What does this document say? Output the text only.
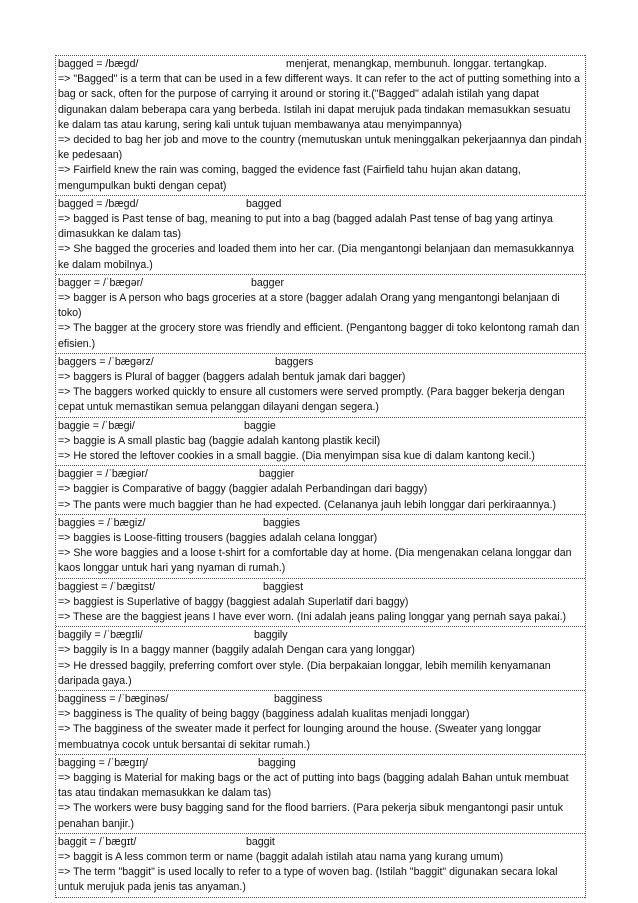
bagged = /bægd/	menjerat, menangkap, membunuh. longgar. tertangkap.
=> "Bagged" is a term that can be used in a few different ways. It can refer to the act of putting something into a bag or sack, often for the purpose of carrying it around or storing it.("Bagged" adalah istilah yang dapat digunakan dalam beberapa cara yang berbeda. Istilah ini dapat merujuk pada tindakan memasukkan sesuatu ke dalam tas atau karung, sering kali untuk tujuan membawanya atau menyimpannya)
=> decided to bag her job and move to the country (memutuskan untuk meninggalkan pekerjaannya dan pindah ke pedesaan)
=> Fairfield knew the rain was coming, bagged the evidence fast (Fairfield tahu hujan akan datang, mengumpulkan bukti dengan cepat)
bagged = /bægd/	bagged
=> bagged is Past tense of bag, meaning to put into a bag (bagged adalah Past tense of bag yang artinya dimasukkan ke dalam tas)
=> She bagged the groceries and loaded them into her car. (Dia mengantongi belanjaan dan memasukkannya ke dalam mobilnya.)
bagger = /ˈbægər/	bagger
=> bagger is A person who bags groceries at a store (bagger adalah Orang yang mengantongi belanjaan di toko)
=> The bagger at the grocery store was friendly and efficient. (Pengantong bagger di toko kelontong ramah dan efisien.)
baggers = /ˈbægərz/	baggers
=> baggers is Plural of bagger (baggers adalah bentuk jamak dari bagger)
=> The baggers worked quickly to ensure all customers were served promptly. (Para bagger bekerja dengan cepat untuk memastikan semua pelanggan dilayani dengan segera.)
baggie = /ˈbægi/	baggie
=> baggie is A small plastic bag (baggie adalah kantong plastik kecil)
=> He stored the leftover cookies in a small baggie. (Dia menyimpan sisa kue di dalam kantong kecil.)
baggier = /ˈbægiər/	baggier
=> baggier is Comparative of baggy (baggier adalah Perbandingan dari baggy)
=> The pants were much baggier than he had expected. (Celananya jauh lebih longgar dari perkiraannya.)
baggies = /ˈbægiz/	baggies
=> baggies is Loose-fitting trousers (baggies adalah celana longgar)
=> She wore baggies and a loose t-shirt for a comfortable day at home. (Dia mengenakan celana longgar dan kaos longgar untuk hari yang nyaman di rumah.)
baggiest = /ˈbægiɪst/	baggiest
=> baggiest is Superlative of baggy (baggiest adalah Superlatif dari baggy)
=> These are the baggiest jeans I have ever worn. (Ini adalah jeans paling longgar yang pernah saya pakai.)
baggily = /ˈbægɪli/	baggily
=> baggily is In a baggy manner (baggily adalah Dengan cara yang longgar)
=> He dressed baggily, preferring comfort over style. (Dia berpakaian longgar, lebih memilih kenyamanan daripada gaya.)
bagginess = /ˈbæginəs/	bagginess
=> bagginess is The quality of being baggy (bagginess adalah kualitas menjadi longgar)
=> The bagginess of the sweater made it perfect for lounging around the house. (Sweater yang longgar membuatnya cocok untuk bersantai di sekitar rumah.)
bagging = /ˈbægɪŋ/	bagging
=> bagging is Material for making bags or the act of putting into bags (bagging adalah Bahan untuk membuat tas atau tindakan memasukkan ke dalam tas)
=> The workers were busy bagging sand for the flood barriers. (Para pekerja sibuk mengantongi pasir untuk penahan banjir.)
baggit = /ˈbægɪt/	baggit
=> baggit is A less common term or name (baggit adalah istilah atau nama yang kurang umum)
=> The term "baggit" is used locally to refer to a type of woven bag. (Istilah "baggit" digunakan secara lokal untuk merujuk pada jenis tas anyaman.)
